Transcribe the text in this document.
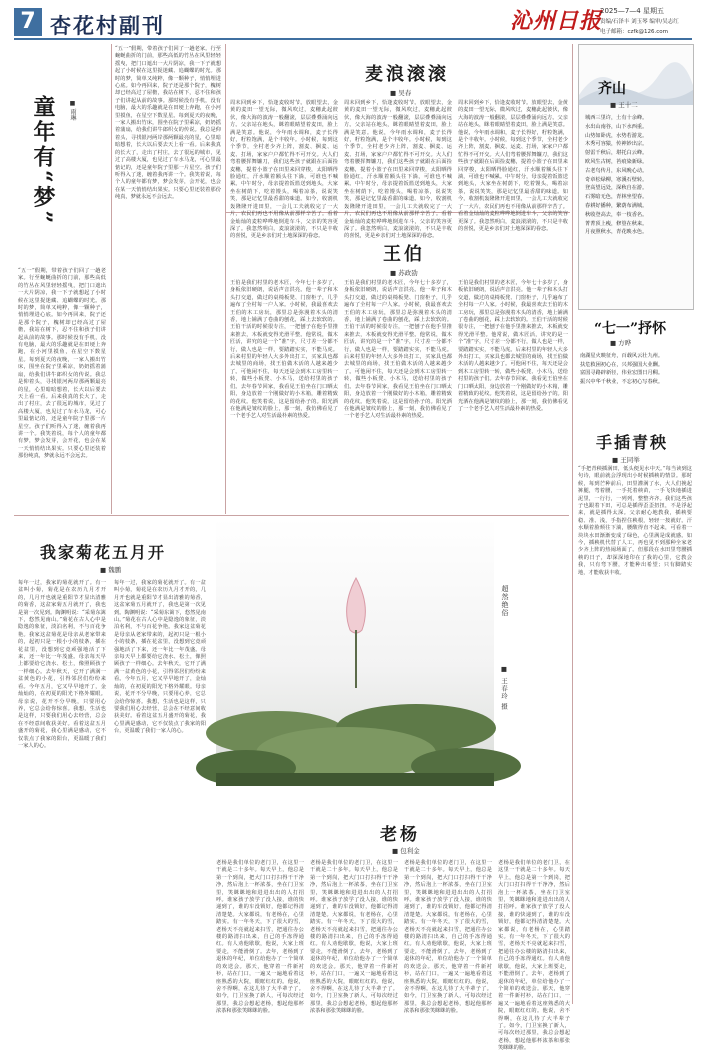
7 杏花村副刊	沁州日报
2025—7—4 星期五
责编/石泽丰 刘玉琴 编审/吴志红
电子邮箱：czfk@126.com
童年有“梦”	■ 雨琳
“五一”假期，带着孩子们回了一趟老家。行至蜿蜒曲折的门前，那些高低的竹丛在风里轻轻摇曳，把门口遮出一大片阴凉，我一下子就想起了小时候在这里捉迷藏、追蝴蝶的时光。那时的梦，简单又纯粹，像一颗种子，悄悄埋进心底。如今再回来，院子还是那个院子，槐树却已经高过了屋檐，我站在树下，忍不住和孩子们讲起从前的故事。那时候没有手机，没有电脑，最大的乐趣就是在田埂上奔跑，在小河里摸鱼，在星空下数星星。每到夏天的夜晚，一家人搬出竹床，围坐在院子里乘凉，奶奶摇着蒲扇，给我们讲牛郎织女的传说。我总是仰着头，寻找银河两岸那两颗最亮的星，心里暗暗想着，长大以后要去天上看一看。后来我真的长大了，走出了村庄，去了很远的城市，见过了高楼大厦，也见过了车水马龙，可心里最惦记的，还是童年院子里那一片星空。孩子们听得入了迷，缠着我再讲一个。我笑着说，每个人的童年都有梦，梦会发芽，会开花，也会在某一天悄悄结出果实。只要心里还装着那份纯真，梦就永远不会远去。
“五一”假期，带着孩子们回了一趟老家。行至蜿蜒曲折的门前，那些高低的竹丛在风里轻轻摇曳，把门口遮出一大片阴凉，我一下子就想起了小时候在这里捉迷藏、追蝴蝶的时光。那时的梦，简单又纯粹，像一颗种子，悄悄埋进心底。如今再回来，院子还是那个院子，槐树却已经高过了屋檐，我站在树下，忍不住和孩子们讲起从前的故事。那时候没有手机，没有电脑，最大的乐趣就是在田埂上奔跑，在小河里摸鱼，在星空下数星星。每到夏天的夜晚，一家人搬出竹床，围坐在院子里乘凉，奶奶摇着蒲扇，给我们讲牛郎织女的传说。我总是仰着头，寻找银河两岸那两颗最亮的星，心里暗暗想着，长大以后要去天上看一看。后来我真的长大了，走出了村庄，去了很远的城市，见过了高楼大厦，也见过了车水马龙，可心里最惦记的，还是童年院子里那一片星空。孩子们听得入了迷，缠着我再讲一个。我笑着说，每个人的童年都有梦，梦会发芽，会开花，也会在某一天悄悄结出果实。只要心里还装着那份纯真，梦就永远不会远去。
麦浪滚滚
■ 吴春
周末回到乡下，恰逢麦收时节。放眼望去，金黄的麦田一望无际，微风吹过，麦穗此起彼伏，像大海的波涛一般翻滚，层层叠叠涌向远方。父亲站在地头，眯着眼睛望着麦田，脸上满是笑意。他说，今年雨水调和，麦子长得好，籽粒饱满，是个丰收年。小时候，每到这个季节，全村老少齐上阵，割麦、捆麦、运麦、打场，家家户户都忙得不可开交。大人们弯着腰挥舞镰刀，我们这些孩子就跟在后面捡麦穗，提着小篮子在田里来回穿梭，太阳晒得脸通红，汗水顺着额头往下淌，可谁也不喊累。中午时分，母亲提着饭篮送到地头，大家坐在树荫下，吃着馒头，喝着凉茶，说说笑笑，那是记忆里最香甜的味道。如今，收割机轰隆隆开进田里，一会儿工夫就收完了一大片，农民们再也不用像从前那样辛苦了。看着金灿灿的麦粒哗哗地倒进车斗，父亲的笑容更深了。我忽然明白，麦浪滚滚的，不只是丰收的喜悦，更是乡亲们对土地深深的眷恋。
周末回到乡下，恰逢麦收时节。放眼望去，金黄的麦田一望无际，微风吹过，麦穗此起彼伏，像大海的波涛一般翻滚，层层叠叠涌向远方。父亲站在地头，眯着眼睛望着麦田，脸上满是笑意。他说，今年雨水调和，麦子长得好，籽粒饱满，是个丰收年。小时候，每到这个季节，全村老少齐上阵，割麦、捆麦、运麦、打场，家家户户都忙得不可开交。大人们弯着腰挥舞镰刀，我们这些孩子就跟在后面捡麦穗，提着小篮子在田里来回穿梭，太阳晒得脸通红，汗水顺着额头往下淌，可谁也不喊累。中午时分，母亲提着饭篮送到地头，大家坐在树荫下，吃着馒头，喝着凉茶，说说笑笑，那是记忆里最香甜的味道。如今，收割机轰隆隆开进田里，一会儿工夫就收完了一大片，农民们再也不用像从前那样辛苦了。看着金灿灿的麦粒哗哗地倒进车斗，父亲的笑容更深了。我忽然明白，麦浪滚滚的，不只是丰收的喜悦，更是乡亲们对土地深深的眷恋。
周末回到乡下，恰逢麦收时节。放眼望去，金黄的麦田一望无际，微风吹过，麦穗此起彼伏，像大海的波涛一般翻滚，层层叠叠涌向远方。父亲站在地头，眯着眼睛望着麦田，脸上满是笑意。他说，今年雨水调和，麦子长得好，籽粒饱满，是个丰收年。小时候，每到这个季节，全村老少齐上阵，割麦、捆麦、运麦、打场，家家户户都忙得不可开交。大人们弯着腰挥舞镰刀，我们这些孩子就跟在后面捡麦穗，提着小篮子在田里来回穿梭，太阳晒得脸通红，汗水顺着额头往下淌，可谁也不喊累。中午时分，母亲提着饭篮送到地头，大家坐在树荫下，吃着馒头，喝着凉茶，说说笑笑，那是记忆里最香甜的味道。如今，收割机轰隆隆开进田里，一会儿工夫就收完了一大片，农民们再也不用像从前那样辛苦了。看着金灿灿的麦粒哗哗地倒进车斗，父亲的笑容更深了。我忽然明白，麦浪滚滚的，不只是丰收的喜悦，更是乡亲们对土地深深的眷恋。
王伯
■ 苏政劭
王伯是我们村里的老木匠，今年七十多岁了，身板依旧硬朗，说话声音洪亮。他一辈子和木头打交道，做过的桌椅板凳、门窗柜子，几乎遍布了全村每一户人家。小时候，我最喜欢去王伯的木工房玩，那里总是弥漫着木头的清香，地上铺满了卷曲的刨花，踩上去软软的。王伯干活的时候很专注，一把刨子在他手里推来推去，木板就变得光滑平整。他常说，做木匠活，讲究的是一个“准”字，尺寸差一分都不行，做人也是一样，要踏踏实实，不能马虎。后来村里的年轻人大多外出打工，买家具也都去城里的商场，找王伯做木活的人越来越少了。可他闲不住，每天还是会到木工房里转一转，做些小板凳、小木马，送给村里的孩子们。去年春节回家，我看见王伯坐在门口晒太阳，身边放着一个刚做好的小木箱，雕着精致的花纹。他笑着说，这是留给孙子的。阳光洒在他满是皱纹的脸上，那一刻，我仿佛看见了一个老手艺人对生活最朴素的热爱。
王伯是我们村里的老木匠，今年七十多岁了，身板依旧硬朗，说话声音洪亮。他一辈子和木头打交道，做过的桌椅板凳、门窗柜子，几乎遍布了全村每一户人家。小时候，我最喜欢去王伯的木工房玩，那里总是弥漫着木头的清香，地上铺满了卷曲的刨花，踩上去软软的。王伯干活的时候很专注，一把刨子在他手里推来推去，木板就变得光滑平整。他常说，做木匠活，讲究的是一个“准”字，尺寸差一分都不行，做人也是一样，要踏踏实实，不能马虎。后来村里的年轻人大多外出打工，买家具也都去城里的商场，找王伯做木活的人越来越少了。可他闲不住，每天还是会到木工房里转一转，做些小板凳、小木马，送给村里的孩子们。去年春节回家，我看见王伯坐在门口晒太阳，身边放着一个刚做好的小木箱，雕着精致的花纹。他笑着说，这是留给孙子的。阳光洒在他满是皱纹的脸上，那一刻，我仿佛看见了一个老手艺人对生活最朴素的热爱。
王伯是我们村里的老木匠，今年七十多岁了，身板依旧硬朗，说话声音洪亮。他一辈子和木头打交道，做过的桌椅板凳、门窗柜子，几乎遍布了全村每一户人家。小时候，我最喜欢去王伯的木工房玩，那里总是弥漫着木头的清香，地上铺满了卷曲的刨花，踩上去软软的。王伯干活的时候很专注，一把刨子在他手里推来推去，木板就变得光滑平整。他常说，做木匠活，讲究的是一个“准”字，尺寸差一分都不行，做人也是一样，要踏踏实实，不能马虎。后来村里的年轻人大多外出打工，买家具也都去城里的商场，找王伯做木活的人越来越少了。可他闲不住，每天还是会到木工房里转一转，做些小板凳、小木马，送给村里的孩子们。去年春节回家，我看见王伯坐在门口晒太阳，身边放着一个刚做好的小木箱，雕着精致的花纹。他笑着说，这是留给孙子的。阳光洒在他满是皱纹的脸上，那一刻，我仿佛看见了一个老手艺人对生活最朴素的热爱。
齐山
■ 王十二
城西三里许，土有十余峰。
水出山南谷，山下水西重。
山势如卧虎，水势若游龙。
木秀可容猿，传神妙出宗。
射雷千秋后，堪托白云峰。
欧风生古树，苔痕染新绿。
古老鸟传月，东风晚心动。
奇章松绿柳，寒溪石壁转。
登高望远处，深秋自在游。
石雾暗无色，青林坐望春。
春耕好播种，繁荫布满城。
秋收登高去，奉一枝香名。
菁菁顶上瘦，修篁在秋来。
月夜照秋水，青花映水色。
“七一”抒怀
■ 方晔
南湖星火映征舟，百载风云壮九州。
扶危救困初心在，兴邦强国大业酬。
富国寻路辟新径，伟业宏图日月稠。
振兴中华千秋业，不忘初心写春秋。
手插青秧
■ 王同举
“手把青秧插满田，低头便见水中天。”每当读到这句诗，眼前就会浮现出小时候插秧的情景。那时候，每到芒种前后，田里灌满了水，大人们挽起裤腿，弯着腰，一手托着秧苗，一手飞快地插进泥里，一行行，一列列，整整齐齐。我们这些孩子也跟着下田，可总是插得歪歪扭扭，不是浮起来，就是插得太深。父亲耐心地教我，插秧要稳、准、浅，手指捏住秧根，轻轻一按就好。汗水顺着脸颊往下淌，腰酸得直不起来，可看着一块块水田渐渐变成了绿色，心里满是成就感。如今，插秧机代替了人工，再也见不到那种全家老少齐上阵的热闹场面了。但那段在水田里弯腰插秧的日子，却深深地印在了我的心里，它教会我，只有弯下腰，才能种出希望；只有脚踏实地，才能收获丰收。
我家菊花五月开
■ 魏鹏
每年一过，我家的菊花就开了。有一盆叫小菊，菊花是在农历九月才开的，几月开也就是重阳节才显出清雅的菊香，这盆家菊五月就开了，我也是第一次见到。陶渊明说：“采菊东篱下，悠然见南山。”菊花在古人心中是隐逸的象征，淡泊名利，不与百花争艳。我家这盆菊花是母亲从老家带来的，起初只是一根小小的枝条，插在花盆里，没想到它竟顽强地活了下来，还一年比一年茂盛。母亲每天早上都要给它浇水、松土，像照顾孩子一样细心。去年秋天，它开了满满一盆黄色的小花，引得邻居们纷纷来看。今年五月，它又早早地开了，金灿灿的，在初夏的阳光下格外耀眼。母亲说，花开不分早晚，只要用心养，它总会给你惊喜。我想，生活也是这样，只要我们用心去经营，总会在不经意间收获美好。看着这盆五月盛开的菊花，我心里满是感动，它不仅装点了我家的阳台，更温暖了我们一家人的心。
每年一过，我家的菊花就开了。有一盆叫小菊，菊花是在农历九月才开的，几月开也就是重阳节才显出清雅的菊香，这盆家菊五月就开了，我也是第一次见到。陶渊明说：“采菊东篱下，悠然见南山。”菊花在古人心中是隐逸的象征，淡泊名利，不与百花争艳。我家这盆菊花是母亲从老家带来的，起初只是一根小小的枝条，插在花盆里，没想到它竟顽强地活了下来，还一年比一年茂盛。母亲每天早上都要给它浇水、松土，像照顾孩子一样细心。去年秋天，它开了满满一盆黄色的小花，引得邻居们纷纷来看。今年五月，它又早早地开了，金灿灿的，在初夏的阳光下格外耀眼。母亲说，花开不分早晚，只要用心养，它总会给你惊喜。我想，生活也是这样，只要我们用心去经营，总会在不经意间收获美好。看着这盆五月盛开的菊花，我心里满是感动，它不仅装点了我家的阳台，更温暖了我们一家人的心。
超然绝俗
■ 王春玲 摄
老杨
■ 包利金
老杨是我们单位的老门卫，在这里一干就是二十多年。每天早上，他总是第一个到岗，把大门口打扫得干干净净，然后泡上一杯浓茶，坐在门卫室里，笑眯眯地和进进出出的人打招呼。谁家孩子放学了没人接，谁的快递到了，谁的车没锁好，他都记得清清楚楚。大家都说，有老杨在，心里踏实。有一年冬天，下了很大的雪，老杨天不亮就起来扫雪，把通往办公楼的路清扫出来，自己的手冻得通红。有人劝他歇歇，他说，大家上班要走，不能滑倒了。去年，老杨到了退休的年纪，单位给他办了一个简单的欢送会。那天，他穿着一件新衬衫，站在门口，一遍又一遍地看着这座熟悉的大院，眼眶红红的。他说，舍不得啊，在这儿待了大半辈子了。如今，门卫室换了新人，可每次经过那里，我总会想起老杨，想起他那杯浓茶和那张笑眯眯的脸。
老杨是我们单位的老门卫，在这里一干就是二十多年。每天早上，他总是第一个到岗，把大门口打扫得干干净净，然后泡上一杯浓茶，坐在门卫室里，笑眯眯地和进进出出的人打招呼。谁家孩子放学了没人接，谁的快递到了，谁的车没锁好，他都记得清清楚楚。大家都说，有老杨在，心里踏实。有一年冬天，下了很大的雪，老杨天不亮就起来扫雪，把通往办公楼的路清扫出来，自己的手冻得通红。有人劝他歇歇，他说，大家上班要走，不能滑倒了。去年，老杨到了退休的年纪，单位给他办了一个简单的欢送会。那天，他穿着一件新衬衫，站在门口，一遍又一遍地看着这座熟悉的大院，眼眶红红的。他说，舍不得啊，在这儿待了大半辈子了。如今，门卫室换了新人，可每次经过那里，我总会想起老杨，想起他那杯浓茶和那张笑眯眯的脸。
老杨是我们单位的老门卫，在这里一干就是二十多年。每天早上，他总是第一个到岗，把大门口打扫得干干净净，然后泡上一杯浓茶，坐在门卫室里，笑眯眯地和进进出出的人打招呼。谁家孩子放学了没人接，谁的快递到了，谁的车没锁好，他都记得清清楚楚。大家都说，有老杨在，心里踏实。有一年冬天，下了很大的雪，老杨天不亮就起来扫雪，把通往办公楼的路清扫出来，自己的手冻得通红。有人劝他歇歇，他说，大家上班要走，不能滑倒了。去年，老杨到了退休的年纪，单位给他办了一个简单的欢送会。那天，他穿着一件新衬衫，站在门口，一遍又一遍地看着这座熟悉的大院，眼眶红红的。他说，舍不得啊，在这儿待了大半辈子了。如今，门卫室换了新人，可每次经过那里，我总会想起老杨，想起他那杯浓茶和那张笑眯眯的脸。
老杨是我们单位的老门卫，在这里一干就是二十多年。每天早上，他总是第一个到岗，把大门口打扫得干干净净，然后泡上一杯浓茶，坐在门卫室里，笑眯眯地和进进出出的人打招呼。谁家孩子放学了没人接，谁的快递到了，谁的车没锁好，他都记得清清楚楚。大家都说，有老杨在，心里踏实。有一年冬天，下了很大的雪，老杨天不亮就起来扫雪，把通往办公楼的路清扫出来，自己的手冻得通红。有人劝他歇歇，他说，大家上班要走，不能滑倒了。去年，老杨到了退休的年纪，单位给他办了一个简单的欢送会。那天，他穿着一件新衬衫，站在门口，一遍又一遍地看着这座熟悉的大院，眼眶红红的。他说，舍不得啊，在这儿待了大半辈子了。如今，门卫室换了新人，可每次经过那里，我总会想起老杨，想起他那杯浓茶和那张笑眯眯的脸。
